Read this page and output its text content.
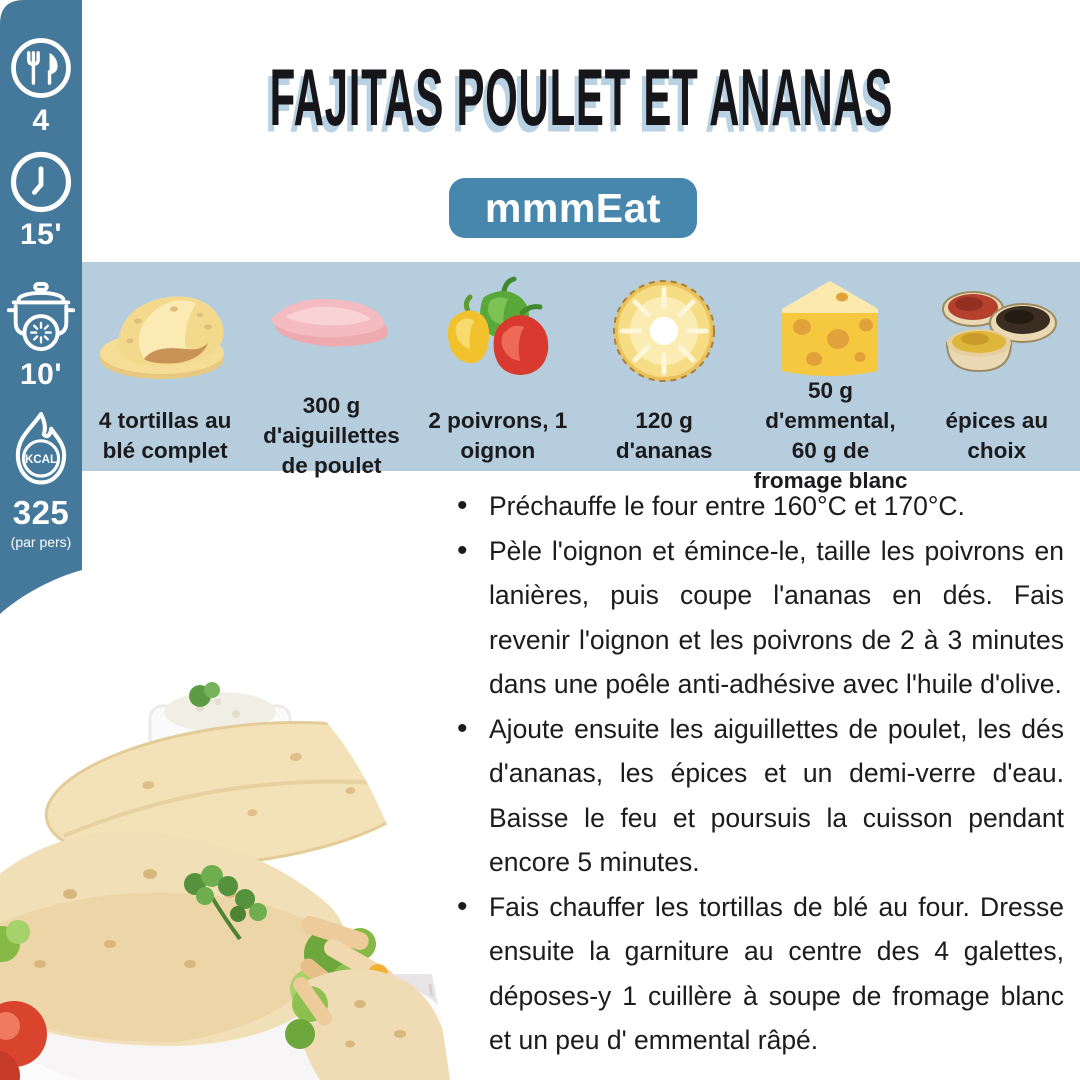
4
15'
10'
KCAL
325
(par pers)
FAJITAS POULET ET ANANAS
mmmEat
4 tortillas au blé complet
300 g d'aiguillettes de poulet
2 poivrons, 1 oignon
120 g d'ananas
50 g d'emmental, 60 g de fromage blanc
épices au choix
• Préchauffe le four entre 160°C et 170°C.
• Pèle l'oignon et émince-le, taille les poivrons en lanières, puis coupe l'ananas en dés. Fais revenir l'oignon et les poivrons de 2 à 3 minutes dans une poêle anti-adhésive avec l'huile d'olive.
• Ajoute ensuite les aiguillettes de poulet, les dés d'ananas, les épices et un demi-verre d'eau. Baisse le feu et poursuis la cuisson pendant encore 5 minutes.
• Fais chauffer les tortillas de blé au four. Dresse ensuite la garniture au centre des 4 galettes, déposes-y 1 cuillère à soupe de fromage blanc et un peu d' emmental râpé.
